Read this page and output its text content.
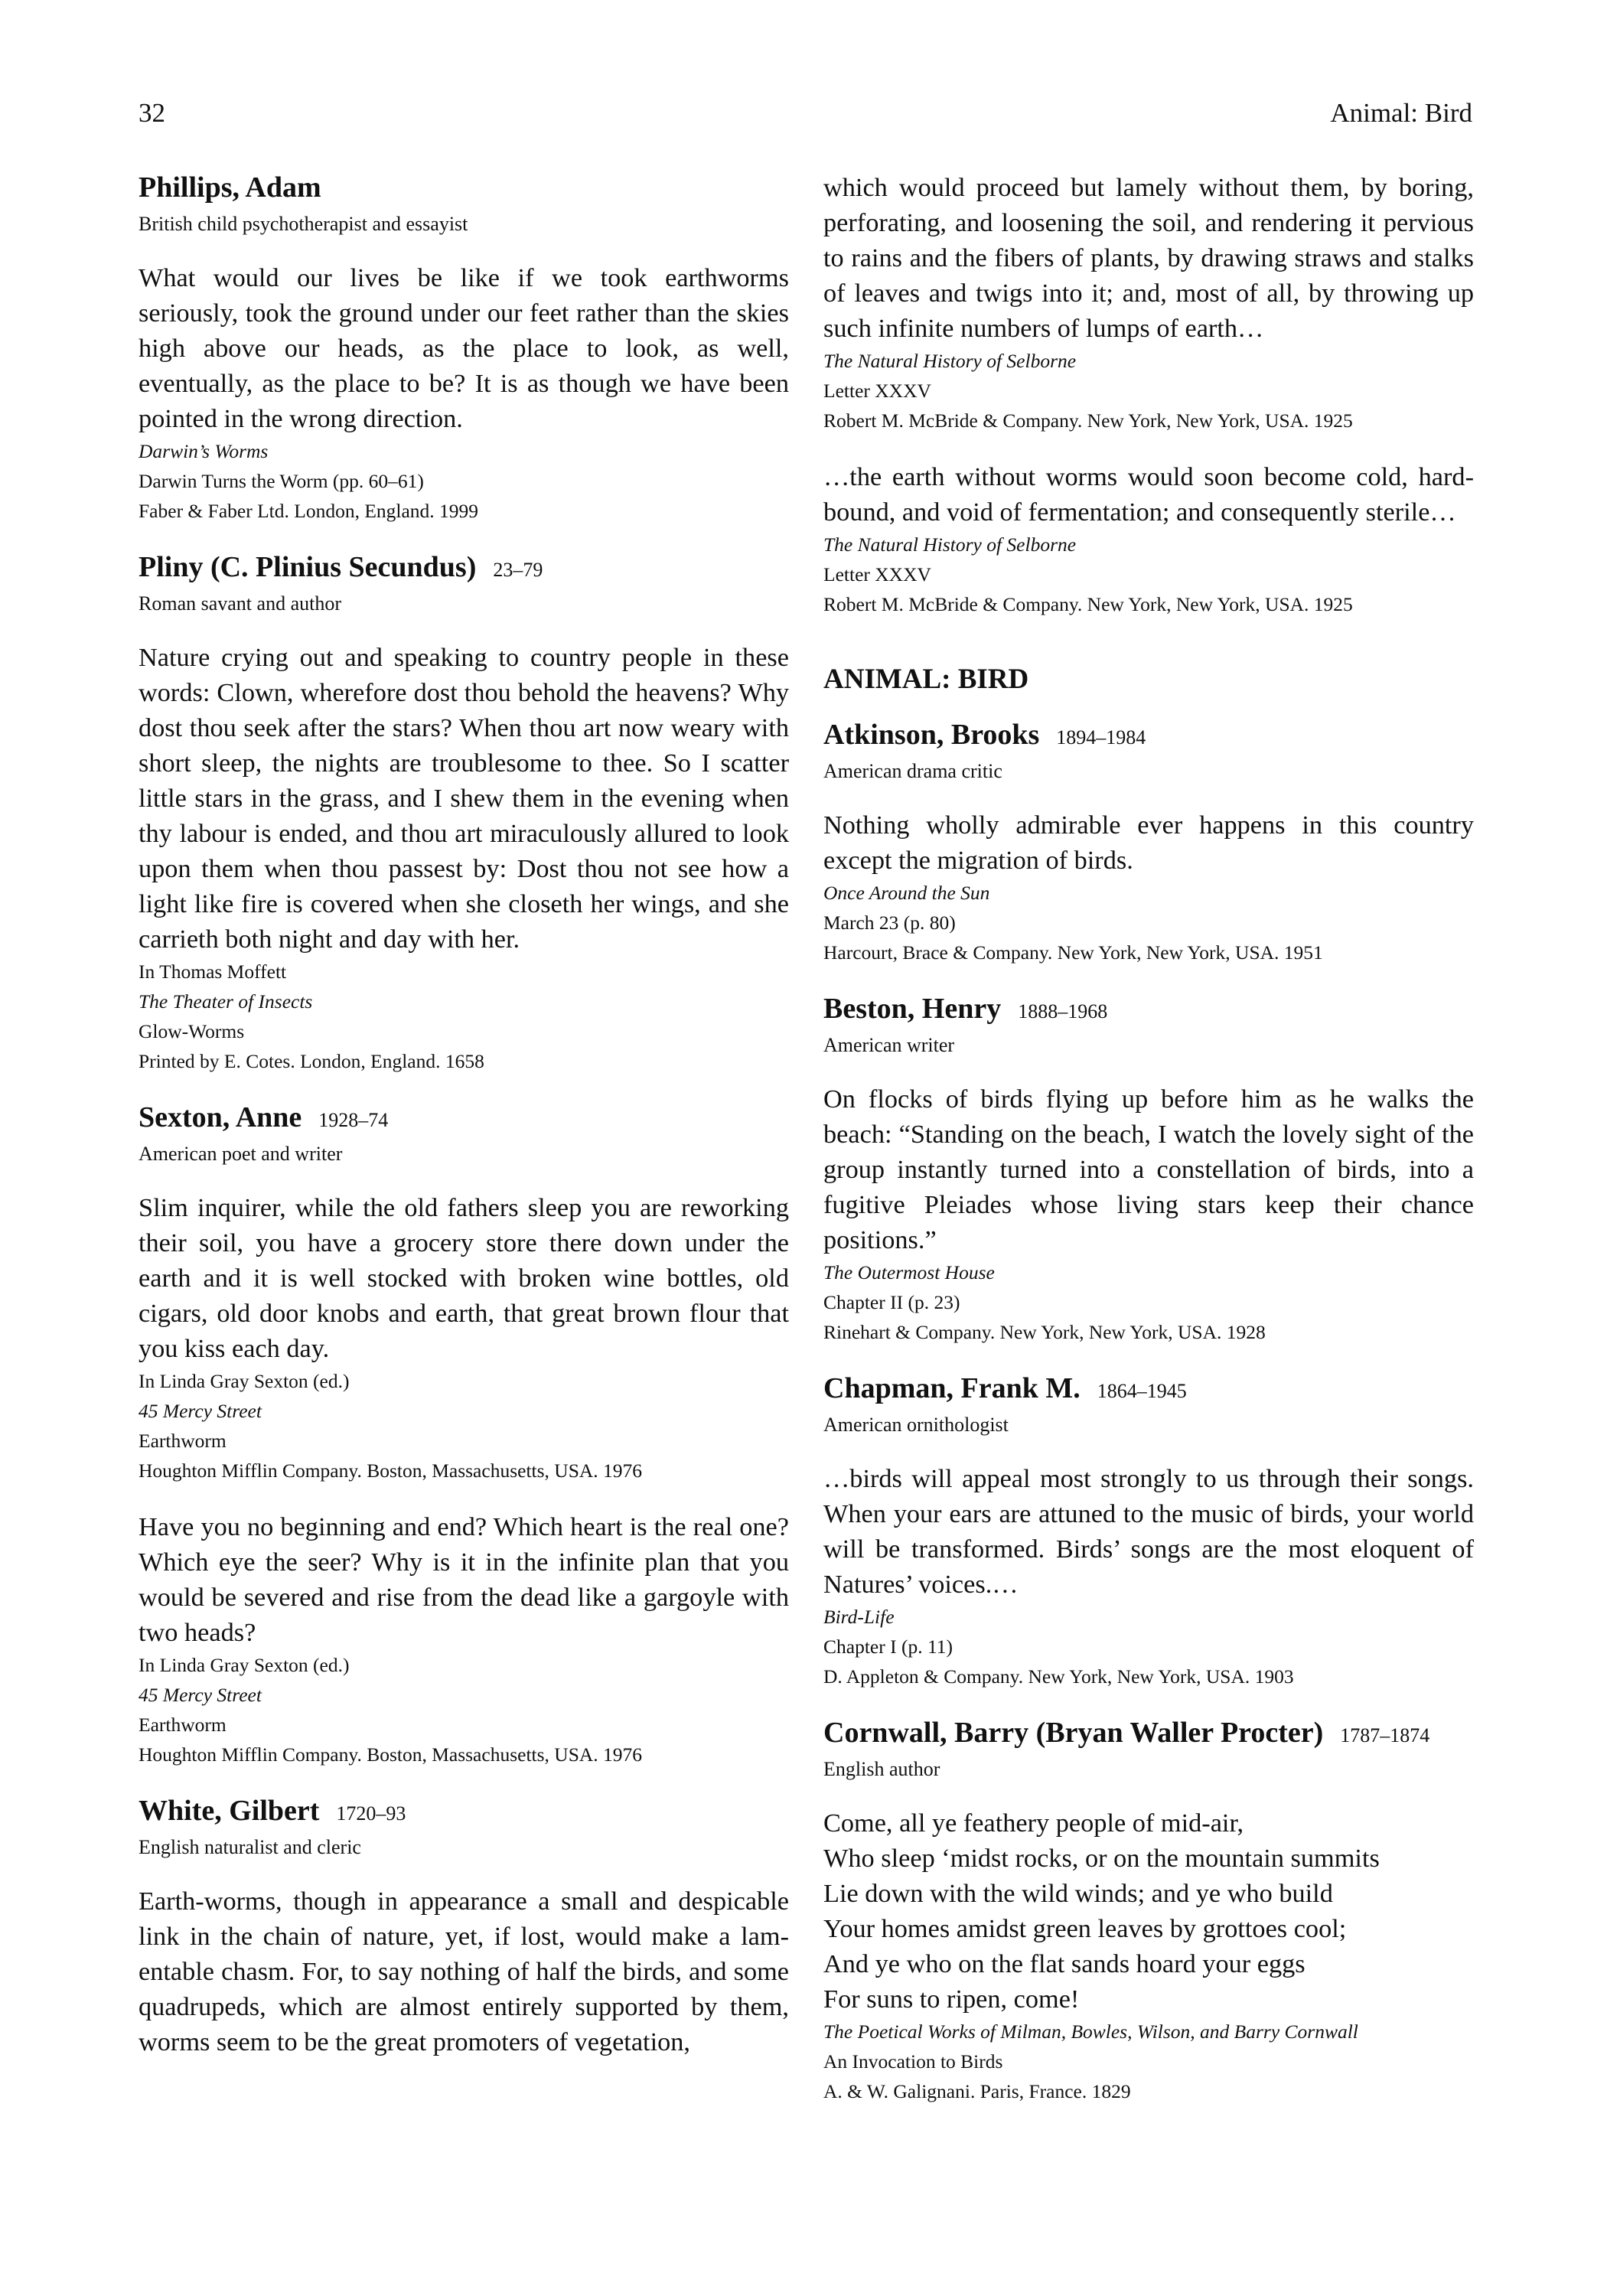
32	Animal: Bird
Phillips, Adam
British child psychotherapist and essayist
What would our lives be like if we took earthworms seriously, took the ground under our feet rather than the skies high above our heads, as the place to look, as well, eventually, as the place to be? It is as though we have been pointed in the wrong direction.
Darwin’s Worms
Darwin Turns the Worm (pp. 60–61)
Faber & Faber Ltd. London, England. 1999
Pliny (C. Plinius Secundus) 23–79
Roman savant and author
Nature crying out and speaking to country people in these words: Clown, wherefore dost thou behold the heavens? Why dost thou seek after the stars? When thou art now weary with short sleep, the nights are troublesome to thee. So I scatter little stars in the grass, and I shew them in the evening when thy labour is ended, and thou art miraculously allured to look upon them when thou passest by: Dost thou not see how a light like fire is covered when she closeth her wings, and she carrieth both night and day with her.
In Thomas Moffett
The Theater of Insects
Glow-Worms
Printed by E. Cotes. London, England. 1658
Sexton, Anne 1928–74
American poet and writer
Slim inquirer, while the old fathers sleep you are reworking their soil, you have a grocery store there down under the earth and it is well stocked with broken wine bottles, old cigars, old door knobs and earth, that great brown flour that you kiss each day.
In Linda Gray Sexton (ed.)
45 Mercy Street
Earthworm
Houghton Mifflin Company. Boston, Massachusetts, USA. 1976
Have you no beginning and end? Which heart is the real one? Which eye the seer? Why is it in the infinite plan that you would be severed and rise from the dead like a gargoyle with two heads?
In Linda Gray Sexton (ed.)
45 Mercy Street
Earthworm
Houghton Mifflin Company. Boston, Massachusetts, USA. 1976
White, Gilbert 1720–93
English naturalist and cleric
Earth-worms, though in appearance a small and despicable link in the chain of nature, yet, if lost, would make a lamentable chasm. For, to say nothing of half the birds, and some quadrupeds, which are almost entirely supported by them, worms seem to be the great promoters of vegetation,
which would proceed but lamely without them, by boring, perforating, and loosening the soil, and rendering it pervious to rains and the fibers of plants, by drawing straws and stalks of leaves and twigs into it; and, most of all, by throwing up such infinite numbers of lumps of earth…
The Natural History of Selborne
Letter XXXV
Robert M. McBride & Company. New York, New York, USA. 1925
…the earth without worms would soon become cold, hardbound, and void of fermentation; and consequently sterile…
The Natural History of Selborne
Letter XXXV
Robert M. McBride & Company. New York, New York, USA. 1925
ANIMAL: BIRD
Atkinson, Brooks 1894–1984
American drama critic
Nothing wholly admirable ever happens in this country except the migration of birds.
Once Around the Sun
March 23 (p. 80)
Harcourt, Brace & Company. New York, New York, USA. 1951
Beston, Henry 1888–1968
American writer
On flocks of birds flying up before him as he walks the beach: “Standing on the beach, I watch the lovely sight of the group instantly turned into a constellation of birds, into a fugitive Pleiades whose living stars keep their chance positions.”
The Outermost House
Chapter II (p. 23)
Rinehart & Company. New York, New York, USA. 1928
Chapman, Frank M. 1864–1945
American ornithologist
…birds will appeal most strongly to us through their songs. When your ears are attuned to the music of birds, your world will be transformed. Birds’ songs are the most eloquent of Natures’ voices.…
Bird-Life
Chapter I (p. 11)
D. Appleton & Company. New York, New York, USA. 1903
Cornwall, Barry (Bryan Waller Procter) 1787–1874
English author
Come, all ye feathery people of mid-air,
Who sleep ‘midst rocks, or on the mountain summits
Lie down with the wild winds; and ye who build
Your homes amidst green leaves by grottoes cool;
And ye who on the flat sands hoard your eggs
For suns to ripen, come!
The Poetical Works of Milman, Bowles, Wilson, and Barry Cornwall
An Invocation to Birds
A. & W. Galignani. Paris, France. 1829
